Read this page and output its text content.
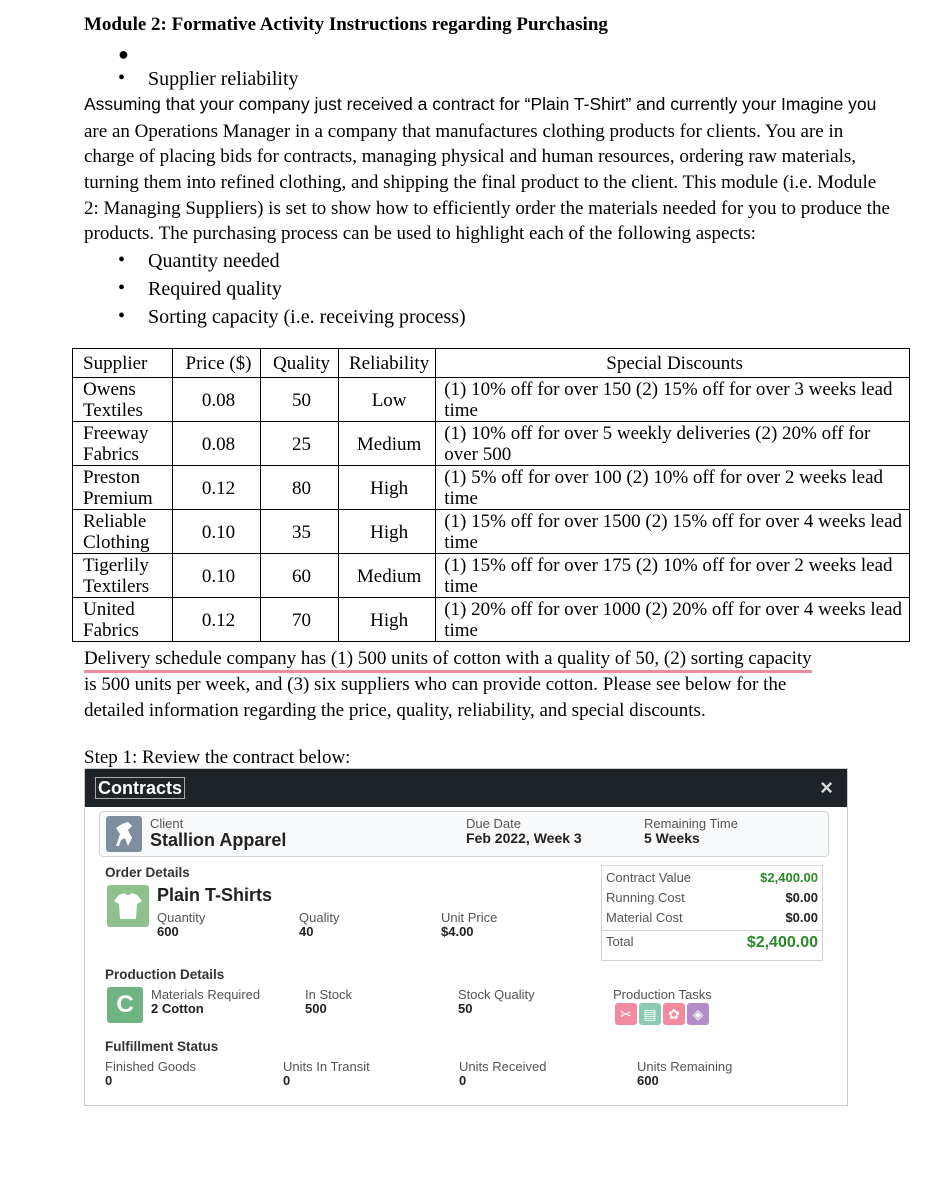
Module 2: Formative Activity Instructions regarding Purchasing
●
• Supplier reliability
Assuming that your company just received a contract for “Plain T-Shirt” and currently your Imagine you
are an Operations Manager in a company that manufactures clothing products for clients. You are in
charge of placing bids for contracts, managing physical and human resources, ordering raw materials,
turning them into refined clothing, and shipping the final product to the client. This module (i.e. Module
2: Managing Suppliers) is set to show how to efficiently order the materials needed for you to produce the
products. The purchasing process can be used to highlight each of the following aspects:
• Quantity needed
• Required quality
• Sorting capacity (i.e. receiving process)
Supplier	Price ($)	Quality	Reliability	Special Discounts
Owens Textiles	0.08	50	Low	(1) 10% off for over 150 (2) 15% off for over 3 weeks lead time
Freeway Fabrics	0.08	25	Medium	(1) 10% off for over 5 weekly deliveries (2) 20% off for over 500
Preston Premium	0.12	80	High	(1) 5% off for over 100 (2) 10% off for over 2 weeks lead time
Reliable Clothing	0.10	35	High	(1) 15% off for over 1500 (2) 15% off for over 4 weeks lead time
Tigerlily Textilers	0.10	60	Medium	(1) 15% off for over 175 (2) 10% off for over 2 weeks lead time
United Fabrics	0.12	70	High	(1) 20% off for over 1000 (2) 20% off for over 4 weeks lead time
Delivery schedule company has (1) 500 units of cotton with a quality of 50, (2) sorting capacity
is 500 units per week, and (3) six suppliers who can provide cotton. Please see below for the
detailed information regarding the price, quality, reliability, and special discounts.
Step 1: Review the contract below:
Contracts	×
Client
Stallion Apparel
Due Date
Feb 2022, Week 3
Remaining Time
5 Weeks
Order Details
Plain T-Shirts
Quantity
600
Quality
40
Unit Price
$4.00
Contract Value	$2,400.00
Running Cost	$0.00
Material Cost	$0.00
Total	$2,400.00
Production Details
C	Materials Required
2 Cotton
In Stock
500
Stock Quality
50
Production Tasks
✂ ▤ ✿ ◈
Fulfillment Status
Finished Goods
0
Units In Transit
0
Units Received
0
Units Remaining
600
